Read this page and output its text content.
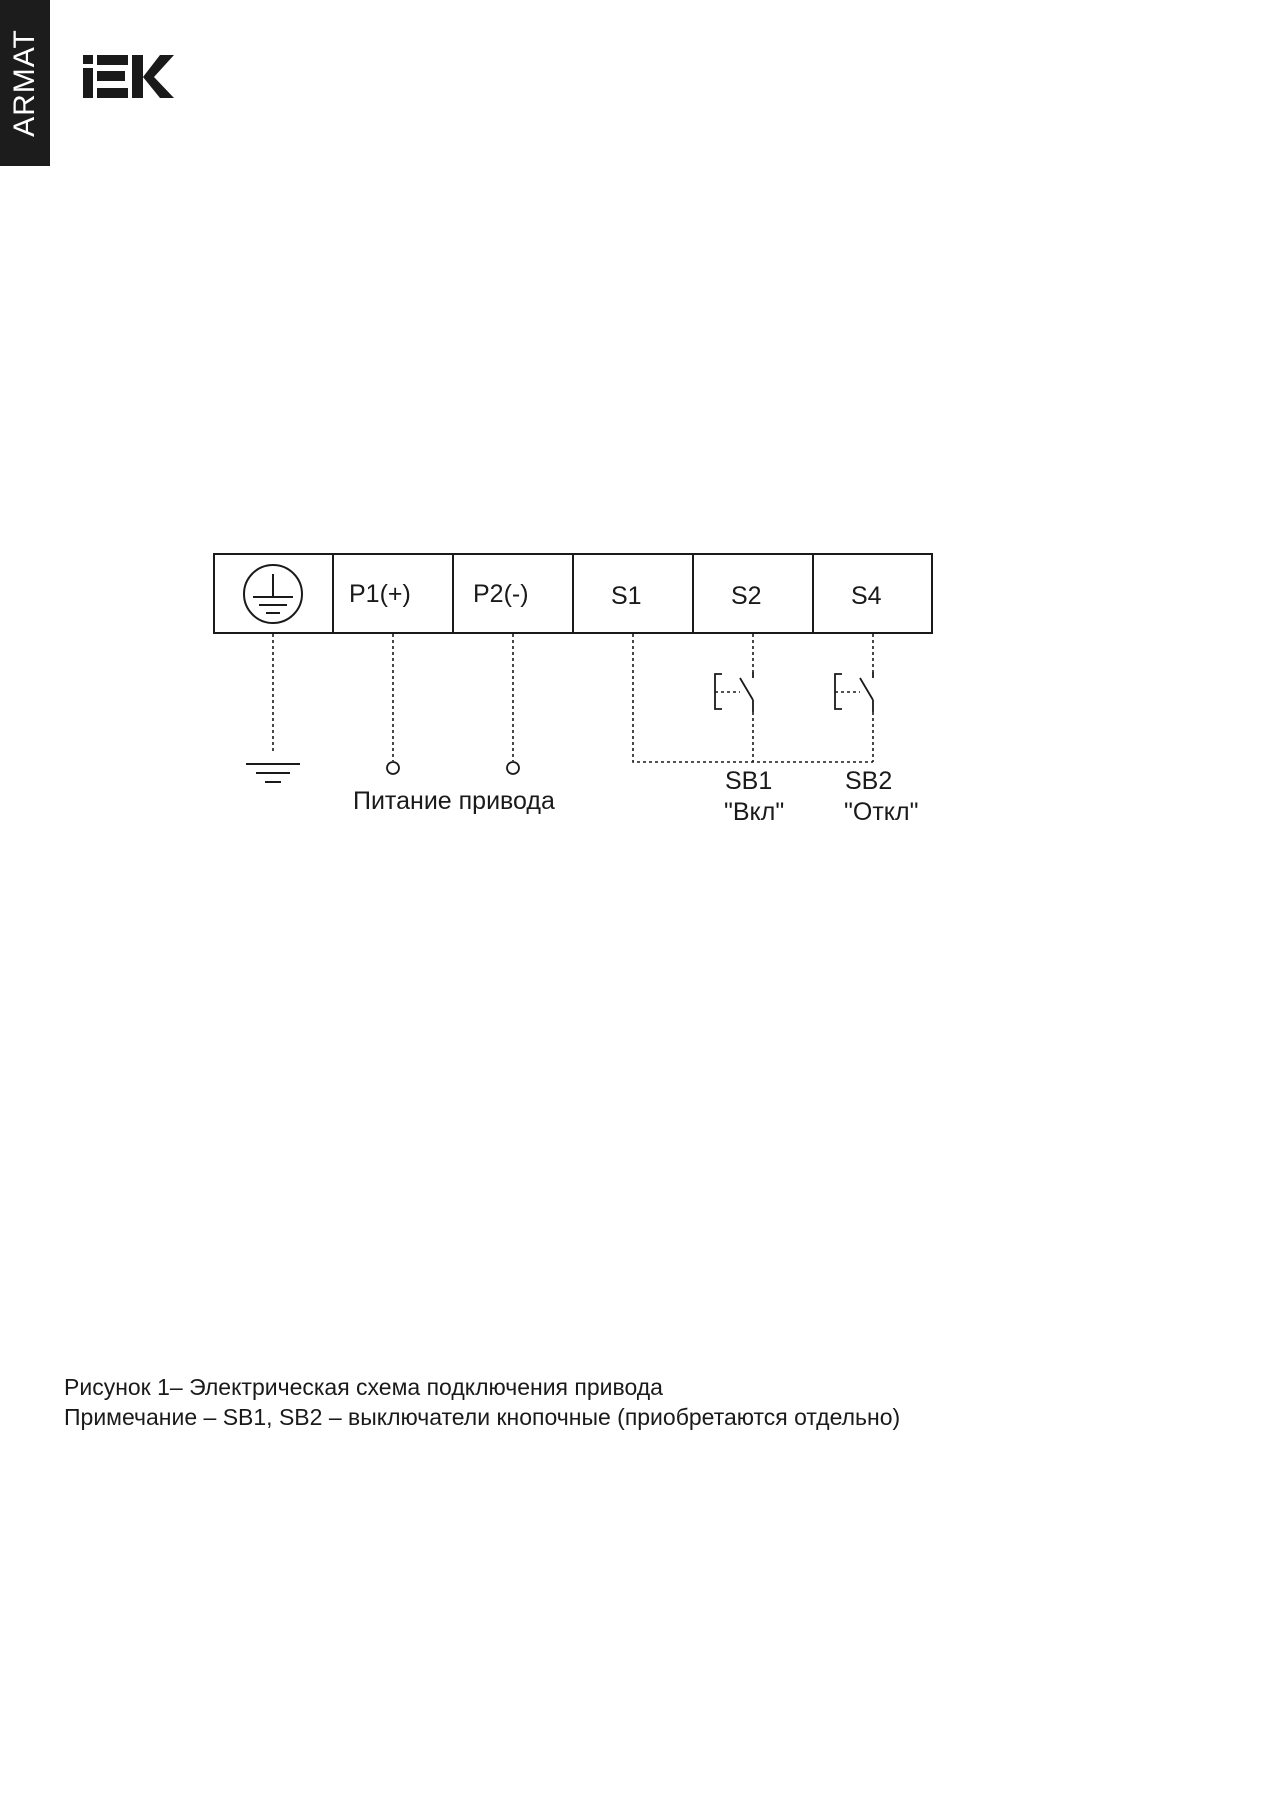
ARMAT
P1(+) P2(-)	S1	S2	S4
Питание привода
SB1
"Вкл"
SB2
"Откл"
Рисунок 1– Электрическая схема подключения привода
Примечание – SB1, SB2 – выключатели кнопочные (приобретаются отдельно)
